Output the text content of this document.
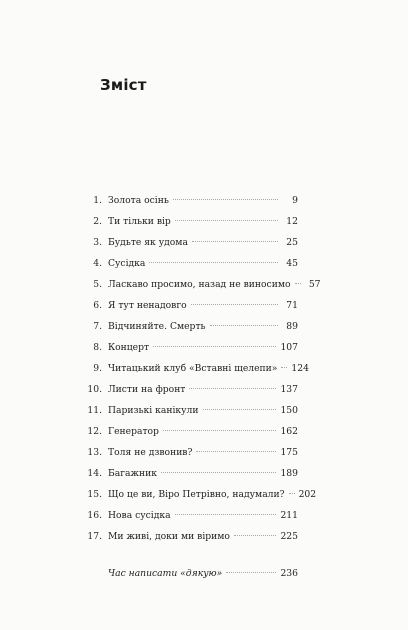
Зміст
1. Золота осінь	9
2. Ти тільки вір	12
3. Будьте як удома	25
4. Сусідка	45
5. Ласкаво просимо, назад не виносимо	57
6. Я тут ненадовго	71
7. Відчиняйте. Смерть	89
8. Концерт	107
9. Читацький клуб «Вставні щелепи» 124
10. Листи на фронт	137
11. Паризькі канікули	150
12. Генератор	162
13. Толя не дзвонив?	175
14. Багажник	189
15. Що це ви, Віро Петрівно, надумали? 202
16. Нова сусідка	211
17. Ми живі, доки ми віримо	225
Час написати «дякую»	236
